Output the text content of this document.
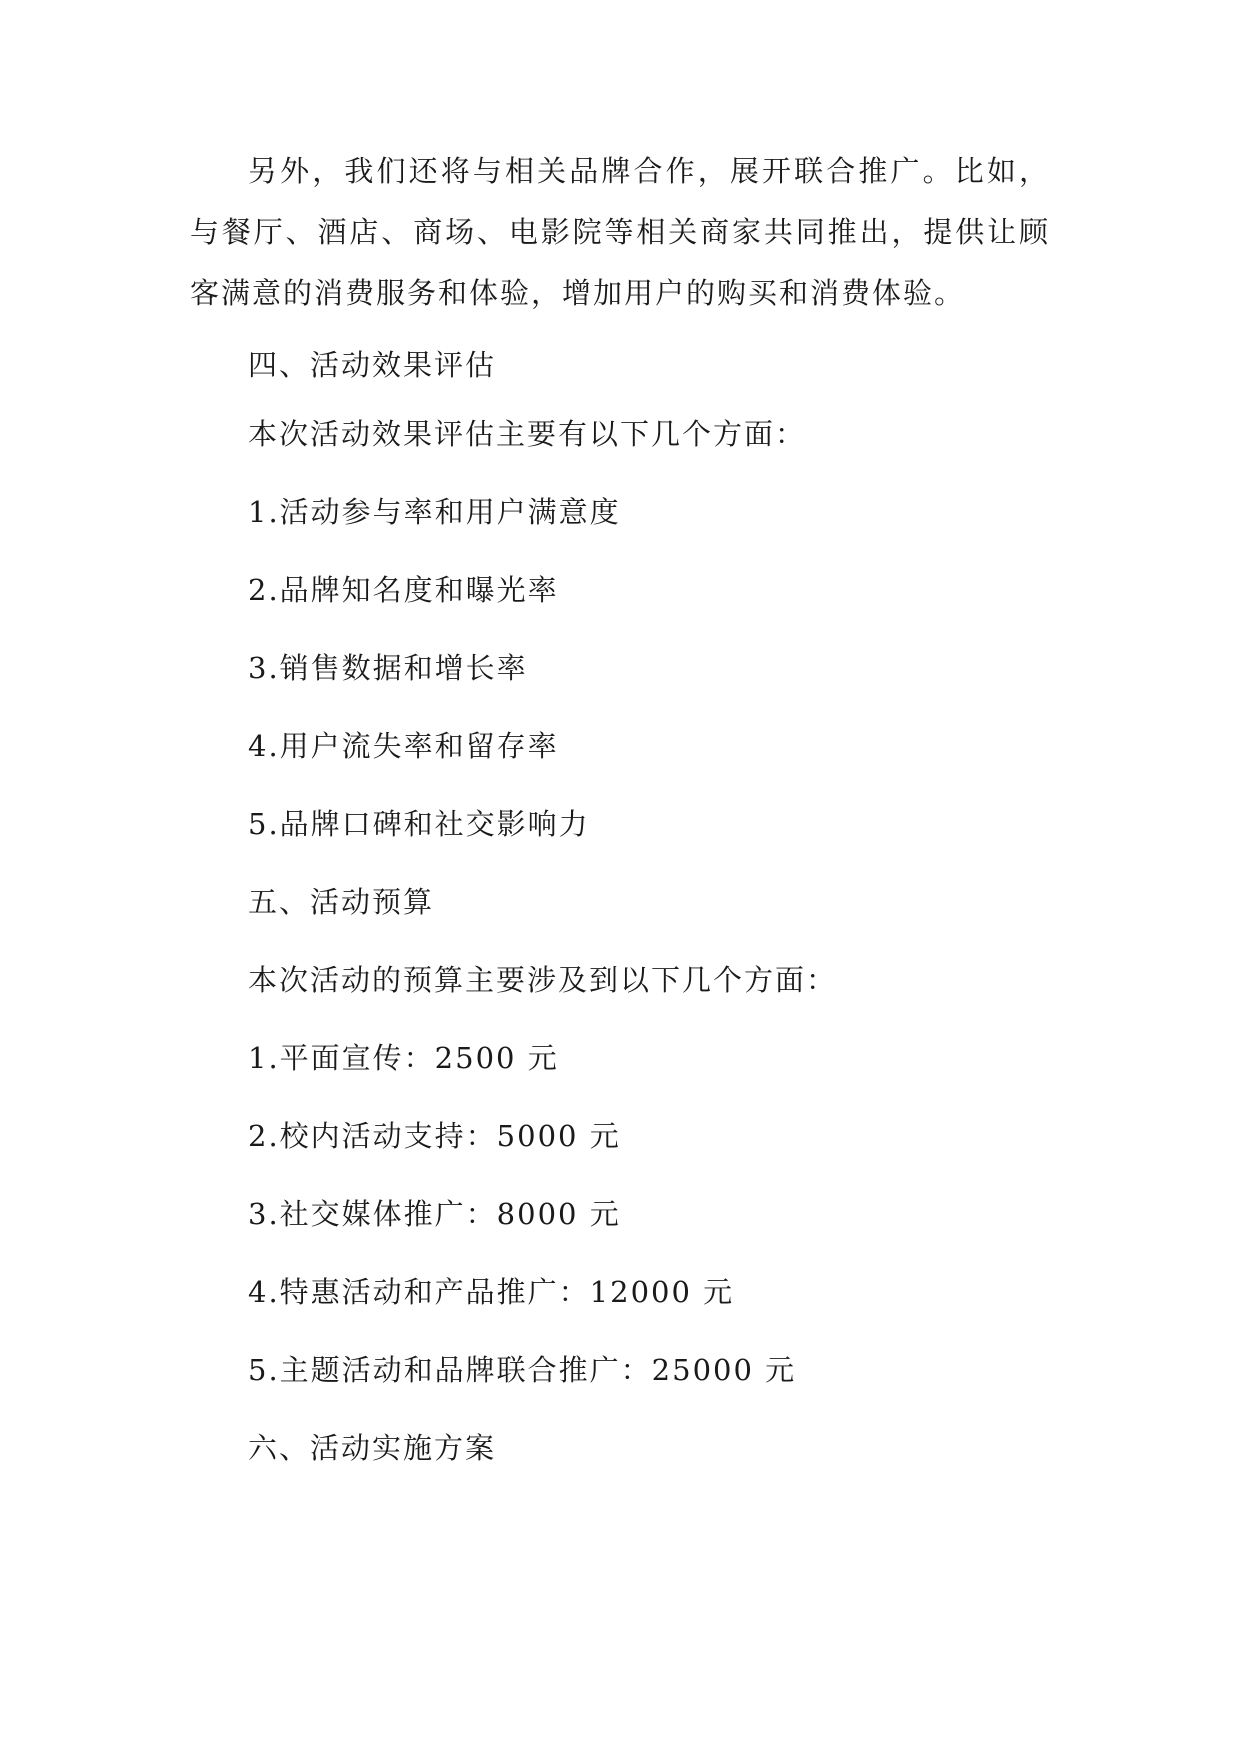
另外，我们还将与相关品牌合作，展开联合推广。比如，与餐厅、酒店、商场、电影院等相关商家共同推出，提供让顾客满意的消费服务和体验，增加用户的购买和消费体验。

四、活动效果评估

本次活动效果评估主要有以下几个方面：

1.活动参与率和用户满意度

2.品牌知名度和曝光率

3.销售数据和增长率

4.用户流失率和留存率

5.品牌口碑和社交影响力

五、活动预算

本次活动的预算主要涉及到以下几个方面：

1.平面宣传：2500 元

2.校内活动支持：5000 元

3.社交媒体推广：8000 元

4.特惠活动和产品推广：12000 元

5.主题活动和品牌联合推广：25000 元

六、活动实施方案
